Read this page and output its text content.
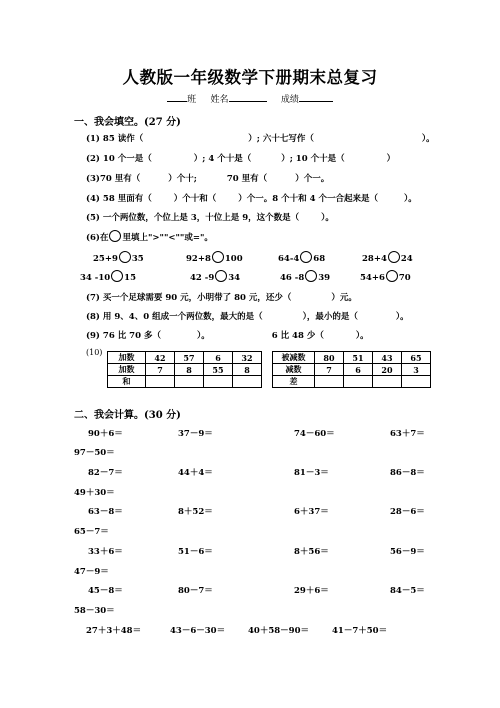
人教版一年级数学下册期末总复习
班 姓名	成绩
一、我会填空。(27 分)
(1) 85 读作（	）; 六十七写作（	）。
(2) 10 个一是（	）; 4 个十是（	）; 10 个十是（	）
(3)70 里有（	）个十;	70 里有（	）个一。
(4) 58 里面有（	）个十和（	）个一。8 个十和 4 个一合起来是（	）。
(5) 一个两位数，个位上是 3，十位上是 9，这个数是（	）。
(6)在 里填上">""<""或="。
25+9 35	92+8 100	64-4 68	28+4 24
34 -10 15	42 -9 34	46 -8 39	54+6 70
(7) 买一个足球需要 90 元，小明带了 80 元，还少（	）元。
(8) 用 9、4、0 组成一个两位数，最大的是（	），最小的是（	）。
(9) 76 比 70 多（	）。	6 比 48 少（	）。
(10) 加数	42	57	6	32
加数	7	8	55	8
和				
被减数	80	51	43	65
减数	7	6	20	3
差				
二、我会计算。(30 分)
90＋6＝	37－9＝	74－60＝	63＋7＝
97－50＝
82－7＝	44＋4＝	81－3＝	86－8＝
49＋30＝
63－8＝	8＋52＝	6＋37＝	28－6＝
65－7＝
33＋6＝	51－6＝	8＋56＝	56－9＝
47－9＝
45－8＝	80－7＝	29＋6＝	84－5＝
58－30＝
27＋3＋48＝	43－6－30＝	40＋58－90＝	41－7＋50＝
